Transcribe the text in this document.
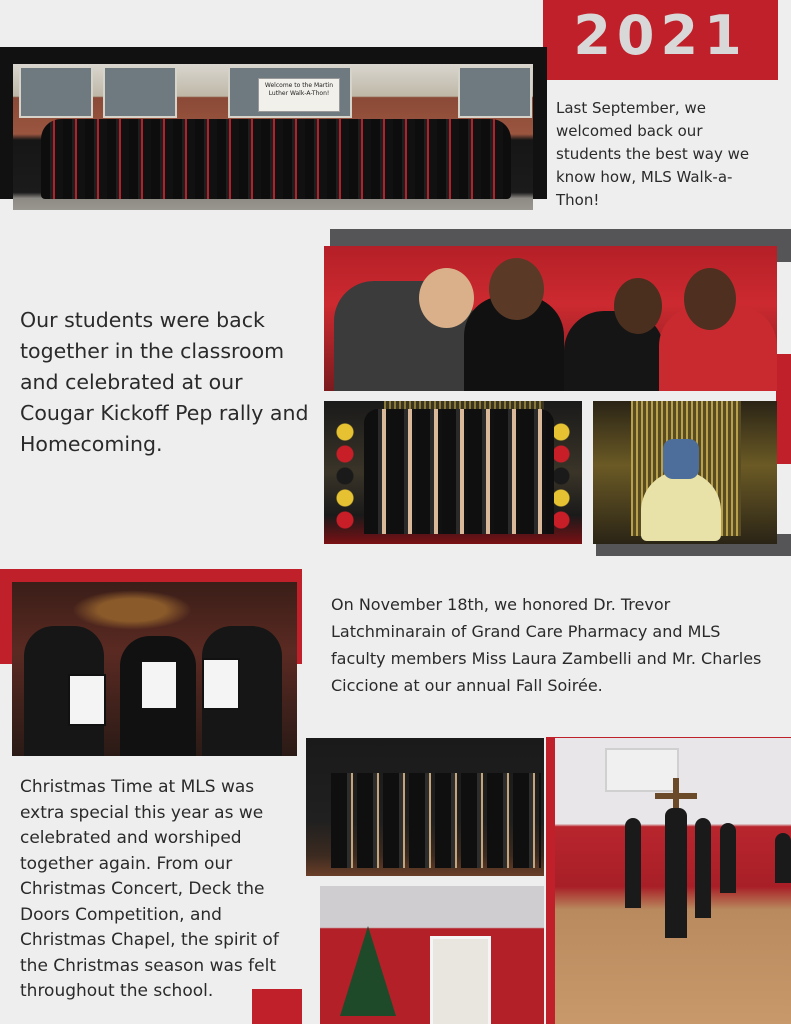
2021
Welcome to the Martin Luther Walk-A-Thon!
Last September, we welcomed back our students the best way we know how, MLS Walk-a-Thon!
Our students were back together in the classroom and celebrated at our Cougar Kickoff Pep rally and Homecoming.
On November 18th, we honored Dr. Trevor Latchminarain of Grand Care Pharmacy and MLS faculty members Miss Laura Zambelli and Mr. Charles Ciccione at our annual Fall Soirée.
Christmas Time at MLS was extra special this year as we celebrated and worshiped together again. From our Christmas Concert, Deck the Doors Competition, and Christmas Chapel, the spirit of the Christmas season was felt throughout the school.
